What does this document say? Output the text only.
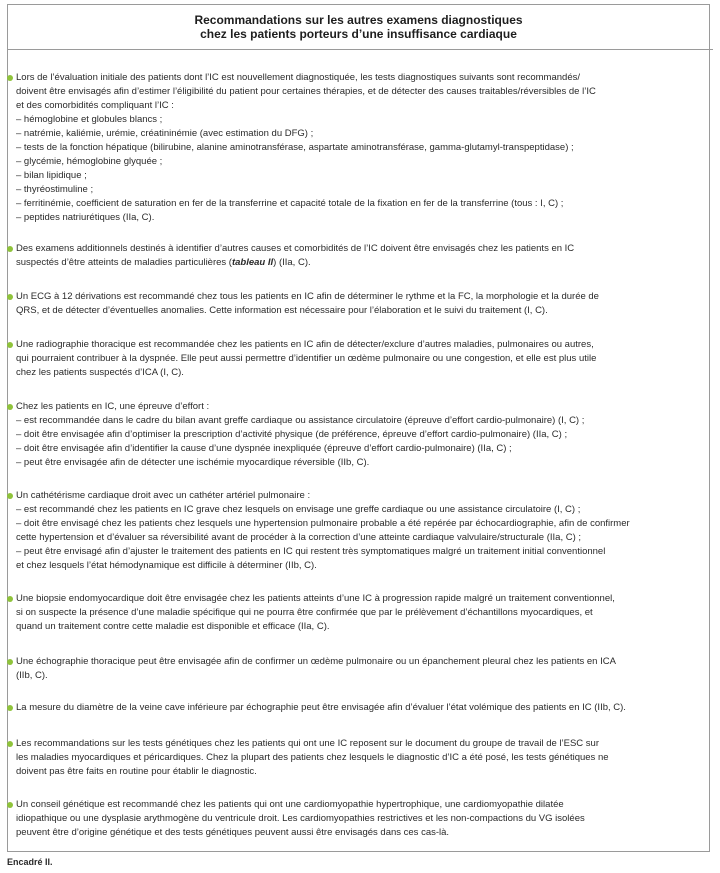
Recommandations sur les autres examens diagnostiques
chez les patients porteurs d’une insuffisance cardiaque
Lors de l’évaluation initiale des patients dont l’IC est nouvellement diagnostiquée, les tests diagnostiques suivants sont recommandés/
doivent être envisagés afin d’estimer l’éligibilité du patient pour certaines thérapies, et de détecter des causes traitables/réversibles de l’IC
et des comorbidités compliquant l’IC :
– hémoglobine et globules blancs ;
– natrémie, kaliémie, urémie, créatininémie (avec estimation du DFG) ;
– tests de la fonction hépatique (bilirubine, alanine aminotransférase, aspartate aminotransférase, gamma-glutamyl-transpeptidase) ;
– glycémie, hémoglobine glyquée ;
– bilan lipidique ;
– thyréostimuline ;
– ferritinémie, coefficient de saturation en fer de la transferrine et capacité totale de la fixation en fer de la transferrine (tous : I, C) ;
– peptides natriurétiques (IIa, C).
Des examens additionnels destinés à identifier d’autres causes et comorbidités de l’IC doivent être envisagés chez les patients en IC
suspectés d’être atteints de maladies particulières (tableau II) (IIa, C).
Un ECG à 12 dérivations est recommandé chez tous les patients en IC afin de déterminer le rythme et la FC, la morphologie et la durée de
QRS, et de détecter d’éventuelles anomalies. Cette information est nécessaire pour l’élaboration et le suivi du traitement (I, C).
Une radiographie thoracique est recommandée chez les patients en IC afin de détecter/exclure d’autres maladies, pulmonaires ou autres,
qui pourraient contribuer à la dyspnée. Elle peut aussi permettre d’identifier un œdème pulmonaire ou une congestion, et elle est plus utile
chez les patients suspectés d’ICA (I, C).
Chez les patients en IC, une épreuve d’effort :
– est recommandée dans le cadre du bilan avant greffe cardiaque ou assistance circulatoire (épreuve d’effort cardio-pulmonaire) (I, C) ;
– doit être envisagée afin d’optimiser la prescription d’activité physique (de préférence, épreuve d’effort cardio-pulmonaire) (IIa, C) ;
– doit être envisagée afin d’identifier la cause d’une dyspnée inexpliquée (épreuve d’effort cardio-pulmonaire) (IIa, C) ;
– peut être envisagée afin de détecter une ischémie myocardique réversible (IIb, C).
Un cathétérisme cardiaque droit avec un cathéter artériel pulmonaire :
– est recommandé chez les patients en IC grave chez lesquels on envisage une greffe cardiaque ou une assistance circulatoire (I, C) ;
– doit être envisagé chez les patients chez lesquels une hypertension pulmonaire probable a été repérée par échocardiographie, afin de confirmer
cette hypertension et d’évaluer sa réversibilité avant de procéder à la correction d’une atteinte cardiaque valvulaire/structurale (IIa, C) ;
– peut être envisagé afin d’ajuster le traitement des patients en IC qui restent très symptomatiques malgré un traitement initial conventionnel
et chez lesquels l’état hémodynamique est difficile à déterminer (IIb, C).
Une biopsie endomyocardique doit être envisagée chez les patients atteints d’une IC à progression rapide malgré un traitement conventionnel,
si on suspecte la présence d’une maladie spécifique qui ne pourra être confirmée que par le prélèvement d’échantillons myocardiques, et
quand un traitement contre cette maladie est disponible et efficace (IIa, C).
Une échographie thoracique peut être envisagée afin de confirmer un œdème pulmonaire ou un épanchement pleural chez les patients en ICA
(IIb, C).
La mesure du diamètre de la veine cave inférieure par échographie peut être envisagée afin d’évaluer l’état volémique des patients en IC (IIb, C).
Les recommandations sur les tests génétiques chez les patients qui ont une IC reposent sur le document du groupe de travail de l’ESC sur
les maladies myocardiques et péricardiques. Chez la plupart des patients chez lesquels le diagnostic d’IC a été posé, les tests génétiques ne
doivent pas être faits en routine pour établir le diagnostic.
Un conseil génétique est recommandé chez les patients qui ont une cardiomyopathie hypertrophique, une cardiomyopathie dilatée
idiopathique ou une dysplasie arythmogène du ventricule droit. Les cardiomyopathies restrictives et les non-compactions du VG isolées
peuvent être d’origine génétique et des tests génétiques peuvent aussi être envisagés dans ces cas-là.
Encadré II.
